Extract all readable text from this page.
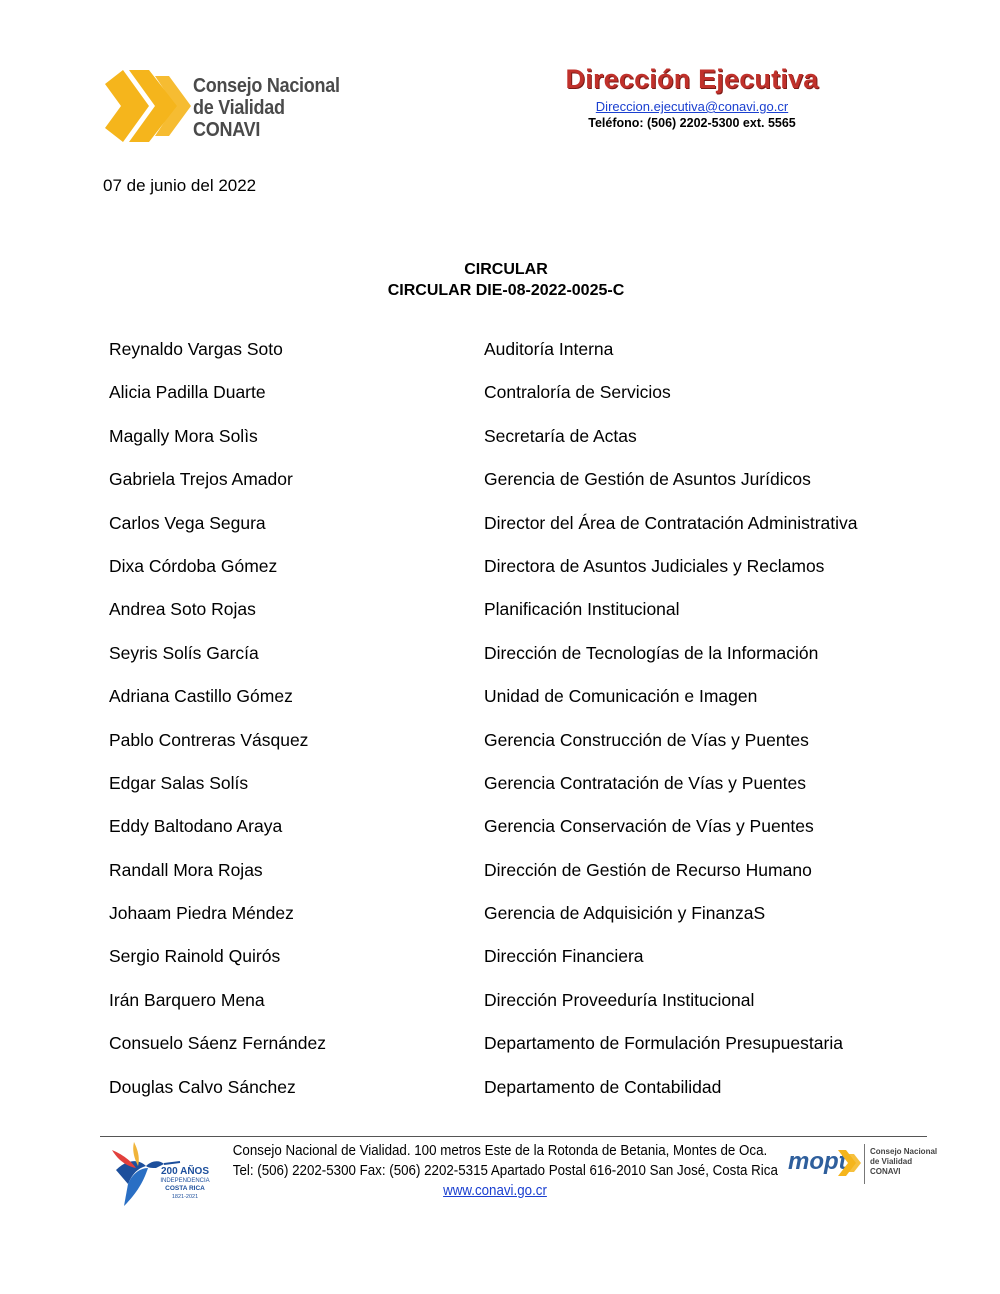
Consejo Nacional
de Vialidad
CONAVI
Dirección Ejecutiva
Direccion.ejecutiva@conavi.go.cr
Teléfono: (506) 2202-5300 ext. 5565
07 de junio del 2022
CIRCULAR
CIRCULAR DIE-08-2022-0025-C
Reynaldo Vargas Soto	Auditoría Interna
Alicia Padilla Duarte	Contraloría de Servicios
Magally Mora Solìs	Secretaría de Actas
Gabriela Trejos Amador	Gerencia de Gestión de Asuntos Jurídicos
Carlos Vega Segura	Director del Área de Contratación Administrativa
Dixa Córdoba Gómez	Directora de Asuntos Judiciales y Reclamos
Andrea Soto Rojas	Planificación Institucional
Seyris Solís García	Dirección de Tecnologías de la Información
Adriana Castillo Gómez	Unidad de Comunicación e Imagen
Pablo Contreras Vásquez	Gerencia Construcción de Vías y Puentes
Edgar Salas Solís	Gerencia Contratación de Vías y Puentes
Eddy Baltodano Araya	Gerencia Conservación de Vías y Puentes
Randall Mora Rojas	Dirección de Gestión de Recurso Humano
Johaam Piedra Méndez	Gerencia de Adquisición y FinanzaS
Sergio Rainold Quirós	Dirección Financiera
Irán Barquero Mena	Dirección Proveeduría Institucional
Consuelo Sáenz Fernández	Departamento de Formulación Presupuestaria
Douglas Calvo Sánchez	Departamento de Contabilidad
200 AÑOS
INDEPENDENCIA
COSTA RICA
1821-2021
Consejo Nacional de Vialidad. 100 metros Este de la Rotonda de Betania, Montes de Oca.
Tel: (506) 2202-5300 Fax: (506) 2202-5315 Apartado Postal 616-2010 San José, Costa Rica
www.conavi.go.cr
mopt	Consejo Nacional
de Vialidad
CONAVI
